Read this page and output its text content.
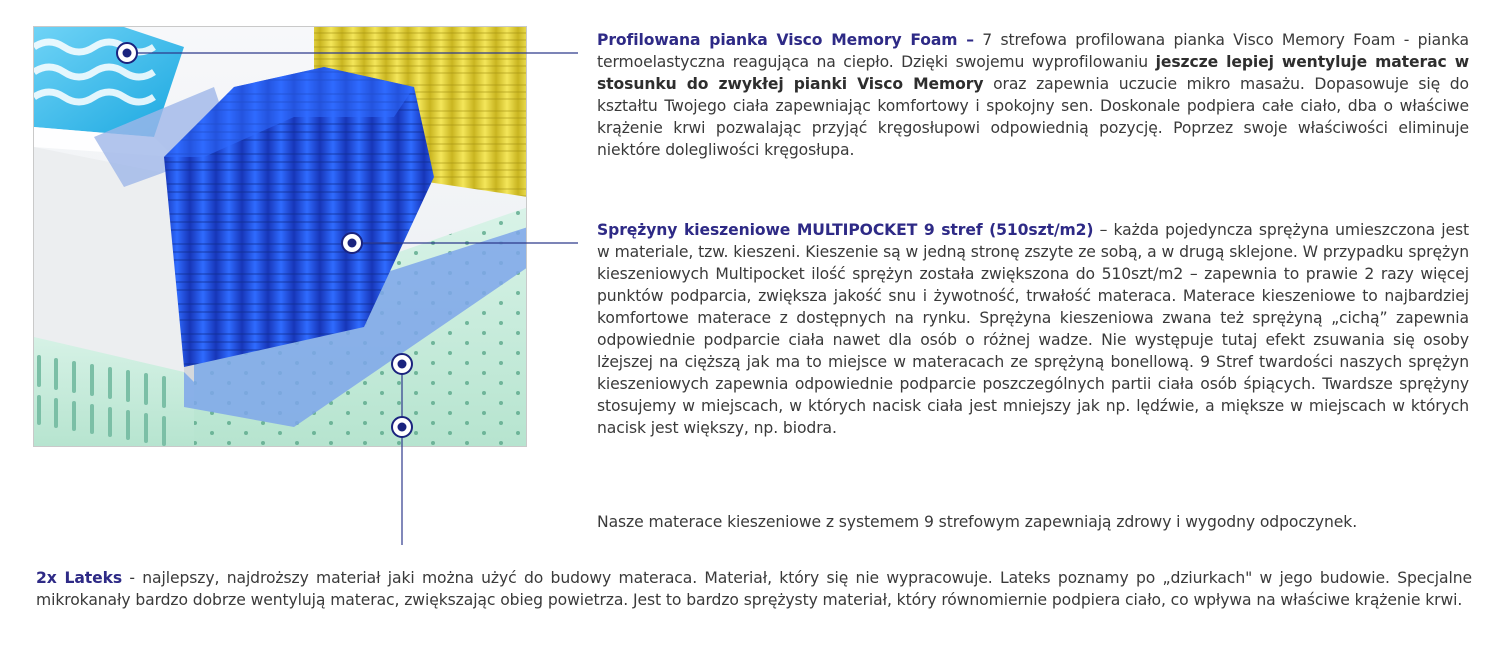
Profilowana pianka Visco Memory Foam – 7 strefowa profilowana pianka Visco Memory Foam - pianka termoelastyczna reagująca na ciepło. Dzięki swojemu wyprofilowaniu jeszcze lepiej wentyluje materac w stosunku do zwykłej pianki Visco Memory oraz zapewnia uczucie mikro masażu. Dopasowuje się do kształtu Twojego ciała zapewniając komfortowy i spokojny sen. Doskonale podpiera całe ciało, dba o właściwe krążenie krwi pozwalając przyjąć kręgosłupowi odpowiednią pozycję. Poprzez swoje właściwości eliminuje niektóre dolegliwości kręgosłupa.

Sprężyny kieszeniowe MULTIPOCKET 9 stref (510szt/m2) – każda pojedyncza sprężyna umieszczona jest w materiale, tzw. kieszeni. Kieszenie są w jedną stronę zszyte ze sobą, a w drugą sklejone. W przypadku sprężyn kieszeniowych Multipocket ilość sprężyn została zwiększona do 510szt/m2 – zapewnia to prawie 2 razy więcej punktów podparcia, zwiększa jakość snu i żywotność, trwałość materaca. Materace kieszeniowe to najbardziej komfortowe materace z dostępnych na rynku. Sprężyna kieszeniowa zwana też sprężyną „cichą” zapewnia odpowiednie podparcie ciała nawet dla osób o różnej wadze. Nie występuje tutaj efekt zsuwania się osoby lżejszej na cięższą jak ma to miejsce w materacach ze sprężyną bonellową. 9 Stref twardości naszych sprężyn kieszeniowych zapewnia odpowiednie podparcie poszczególnych partii ciała osób śpiących. Twardsze sprężyny stosujemy w miejscach, w których nacisk ciała jest mniejszy jak np. lędźwie, a miększe w miejscach w których nacisk jest większy, np. biodra.

Nasze materace kieszeniowe z systemem 9 strefowym zapewniają zdrowy i wygodny odpoczynek.

2x Lateks - najlepszy, najdroższy materiał jaki można użyć do budowy materaca. Materiał, który się nie wypracowuje. Lateks poznamy po „dziurkach" w jego budowie. Specjalne mikrokanały bardzo dobrze wentylują materac, zwiększając obieg powietrza. Jest to bardzo sprężysty materiał, który równomiernie podpiera ciało, co wpływa na właściwe krążenie krwi.
